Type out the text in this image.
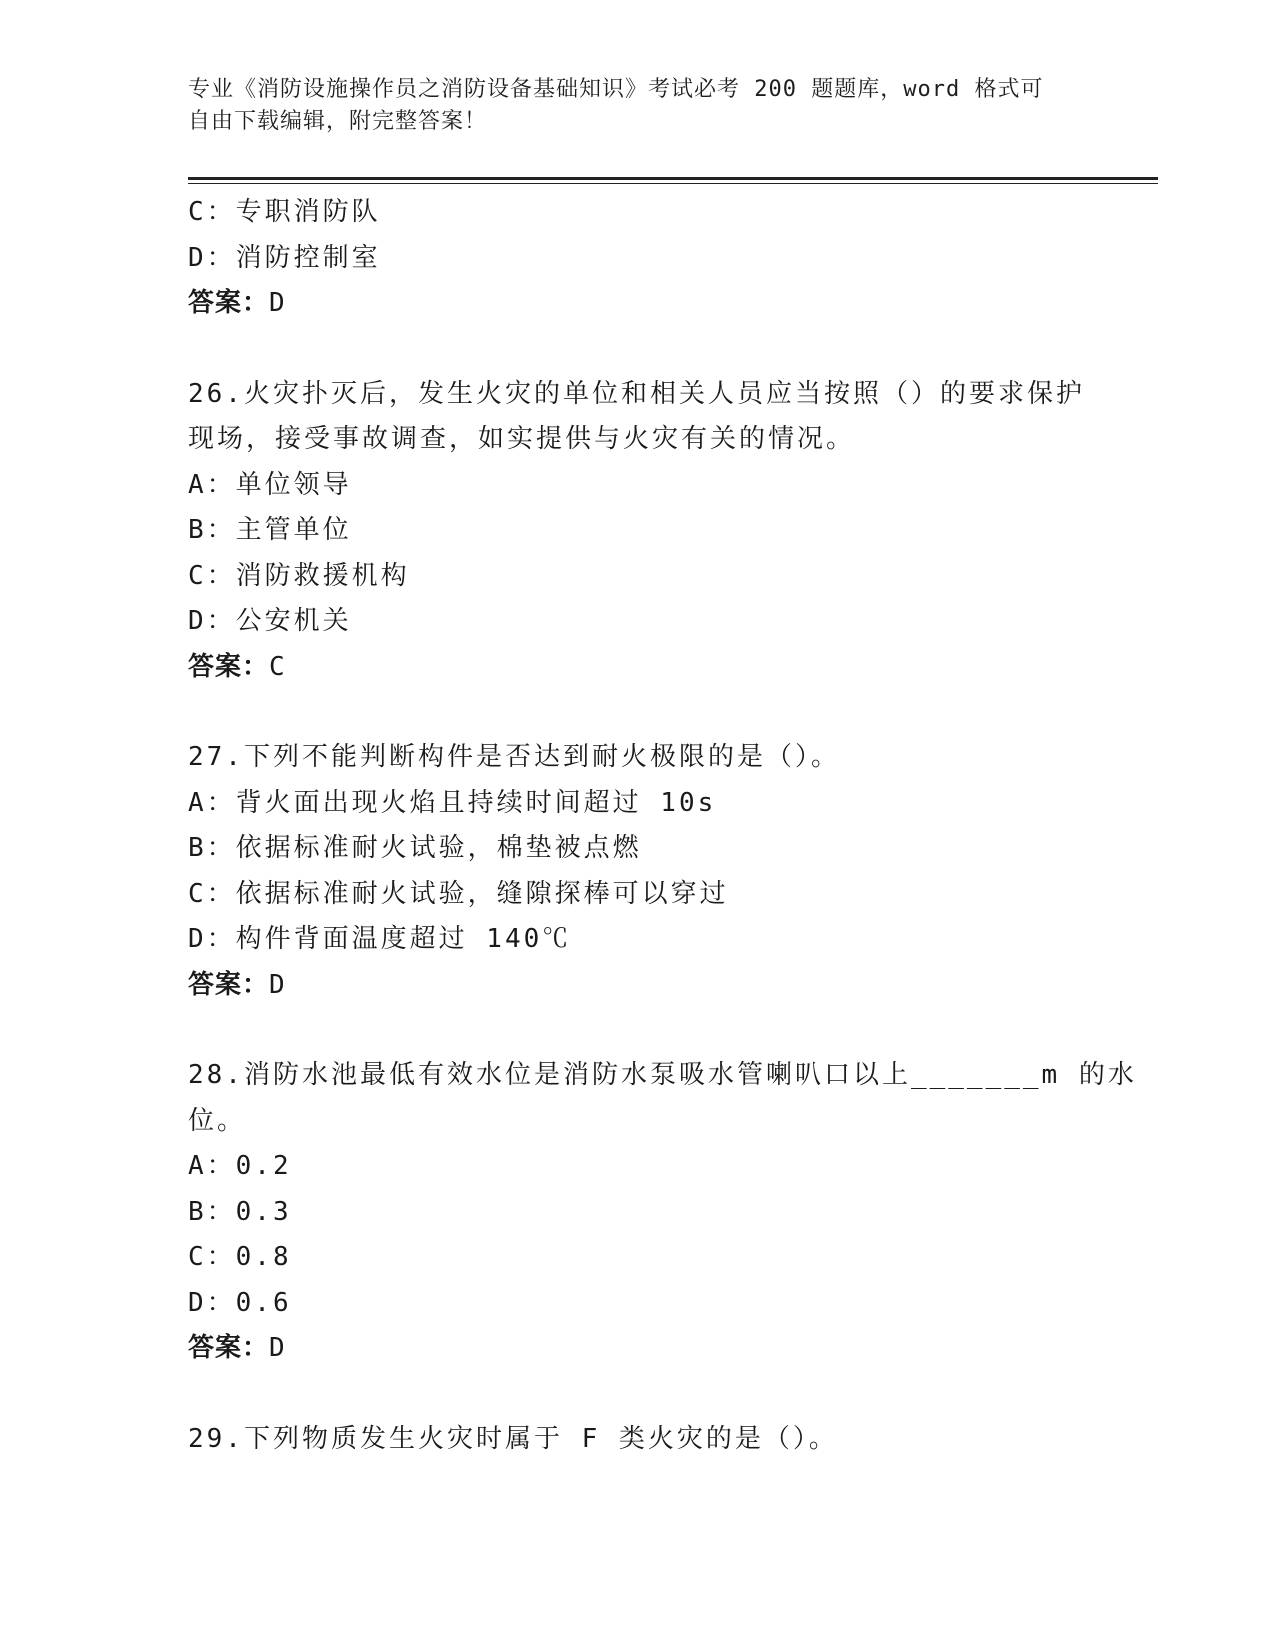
专业《消防设施操作员之消防设备基础知识》考试必考 200 题题库，word 格式可
自由下载编辑，附完整答案！
C：专职消防队
D：消防控制室
答案：D
26.火灾扑灭后，发生火灾的单位和相关人员应当按照（）的要求保护
现场，接受事故调查，如实提供与火灾有关的情况。
A：单位领导
B：主管单位
C：消防救援机构
D：公安机关
答案：C
27.下列不能判断构件是否达到耐火极限的是（）。
A：背火面出现火焰且持续时间超过 10s
B：依据标准耐火试验，棉垫被点燃
C：依据标准耐火试验，缝隙探棒可以穿过
D：构件背面温度超过 140℃
答案：D
28.消防水池最低有效水位是消防水泵吸水管喇叭口以上_______m 的水
位。
A：0.2
B：0.3
C：0.8
D：0.6
答案：D
29.下列物质发生火灾时属于 F 类火灾的是（）。
